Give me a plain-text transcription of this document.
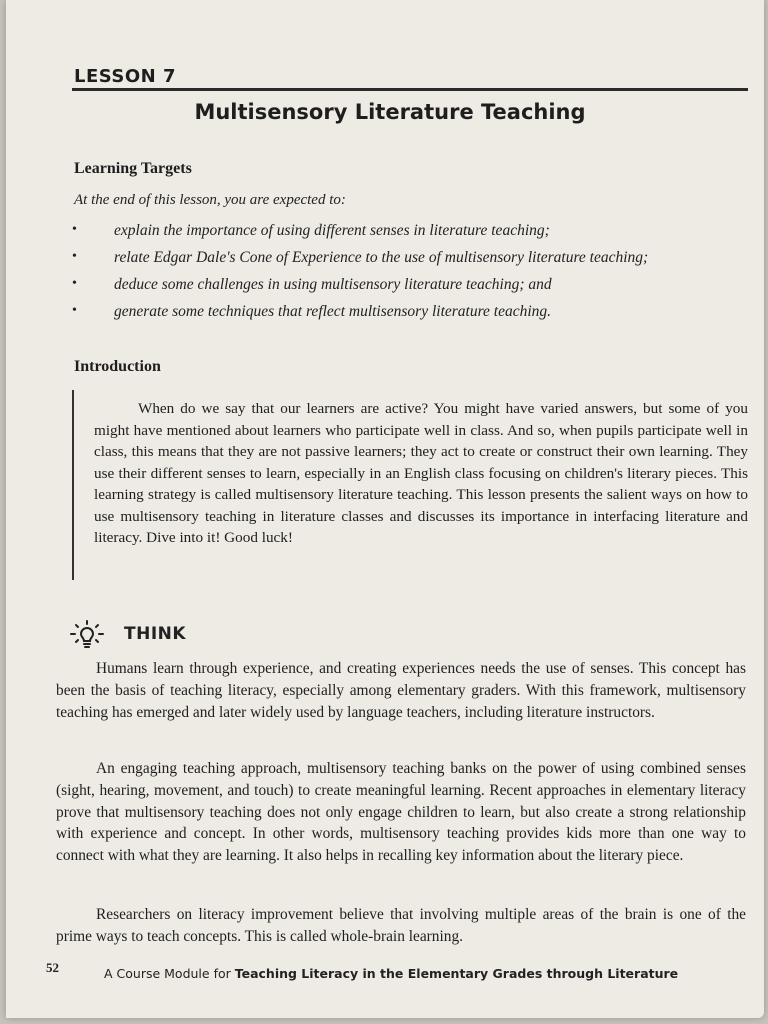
LESSON 7
Multisensory Literature Teaching
Learning Targets
At the end of this lesson, you are expected to:
• explain the importance of using different senses in literature teaching;
• relate Edgar Dale's Cone of Experience to the use of multisensory literature teaching;
• deduce some challenges in using multisensory literature teaching; and
• generate some techniques that reflect multisensory literature teaching.
Introduction

When do we say that our learners are active? You might have varied answers, but some of you might have mentioned about learners who participate well in class. And so, when pupils participate well in class, this means that they are not passive learners; they act to create or construct their own learning. They use their different senses to learn, especially in an English class focusing on children's literary pieces. This learning strategy is called multisensory literature teaching. This lesson presents the salient ways on how to use multisensory teaching in literature classes and discusses its importance in interfacing literature and literacy. Dive into it! Good luck!

THINK

Humans learn through experience, and creating experiences needs the use of senses. This concept has been the basis of teaching literacy, especially among elementary graders. With this framework, multisensory teaching has emerged and later widely used by language teachers, including literature instructors.

An engaging teaching approach, multisensory teaching banks on the power of using combined senses (sight, hearing, movement, and touch) to create meaningful learning. Recent approaches in elementary literacy prove that multisensory teaching does not only engage children to learn, but also create a strong relationship with experience and concept. In other words, multisensory teaching provides kids more than one way to connect with what they are learning. It also helps in recalling key information about the literary piece.

Researchers on literacy improvement believe that involving multiple areas of the brain is one of the prime ways to teach concepts. This is called whole-brain learning.

52	A Course Module for Teaching Literacy in the Elementary Grades through Literature
